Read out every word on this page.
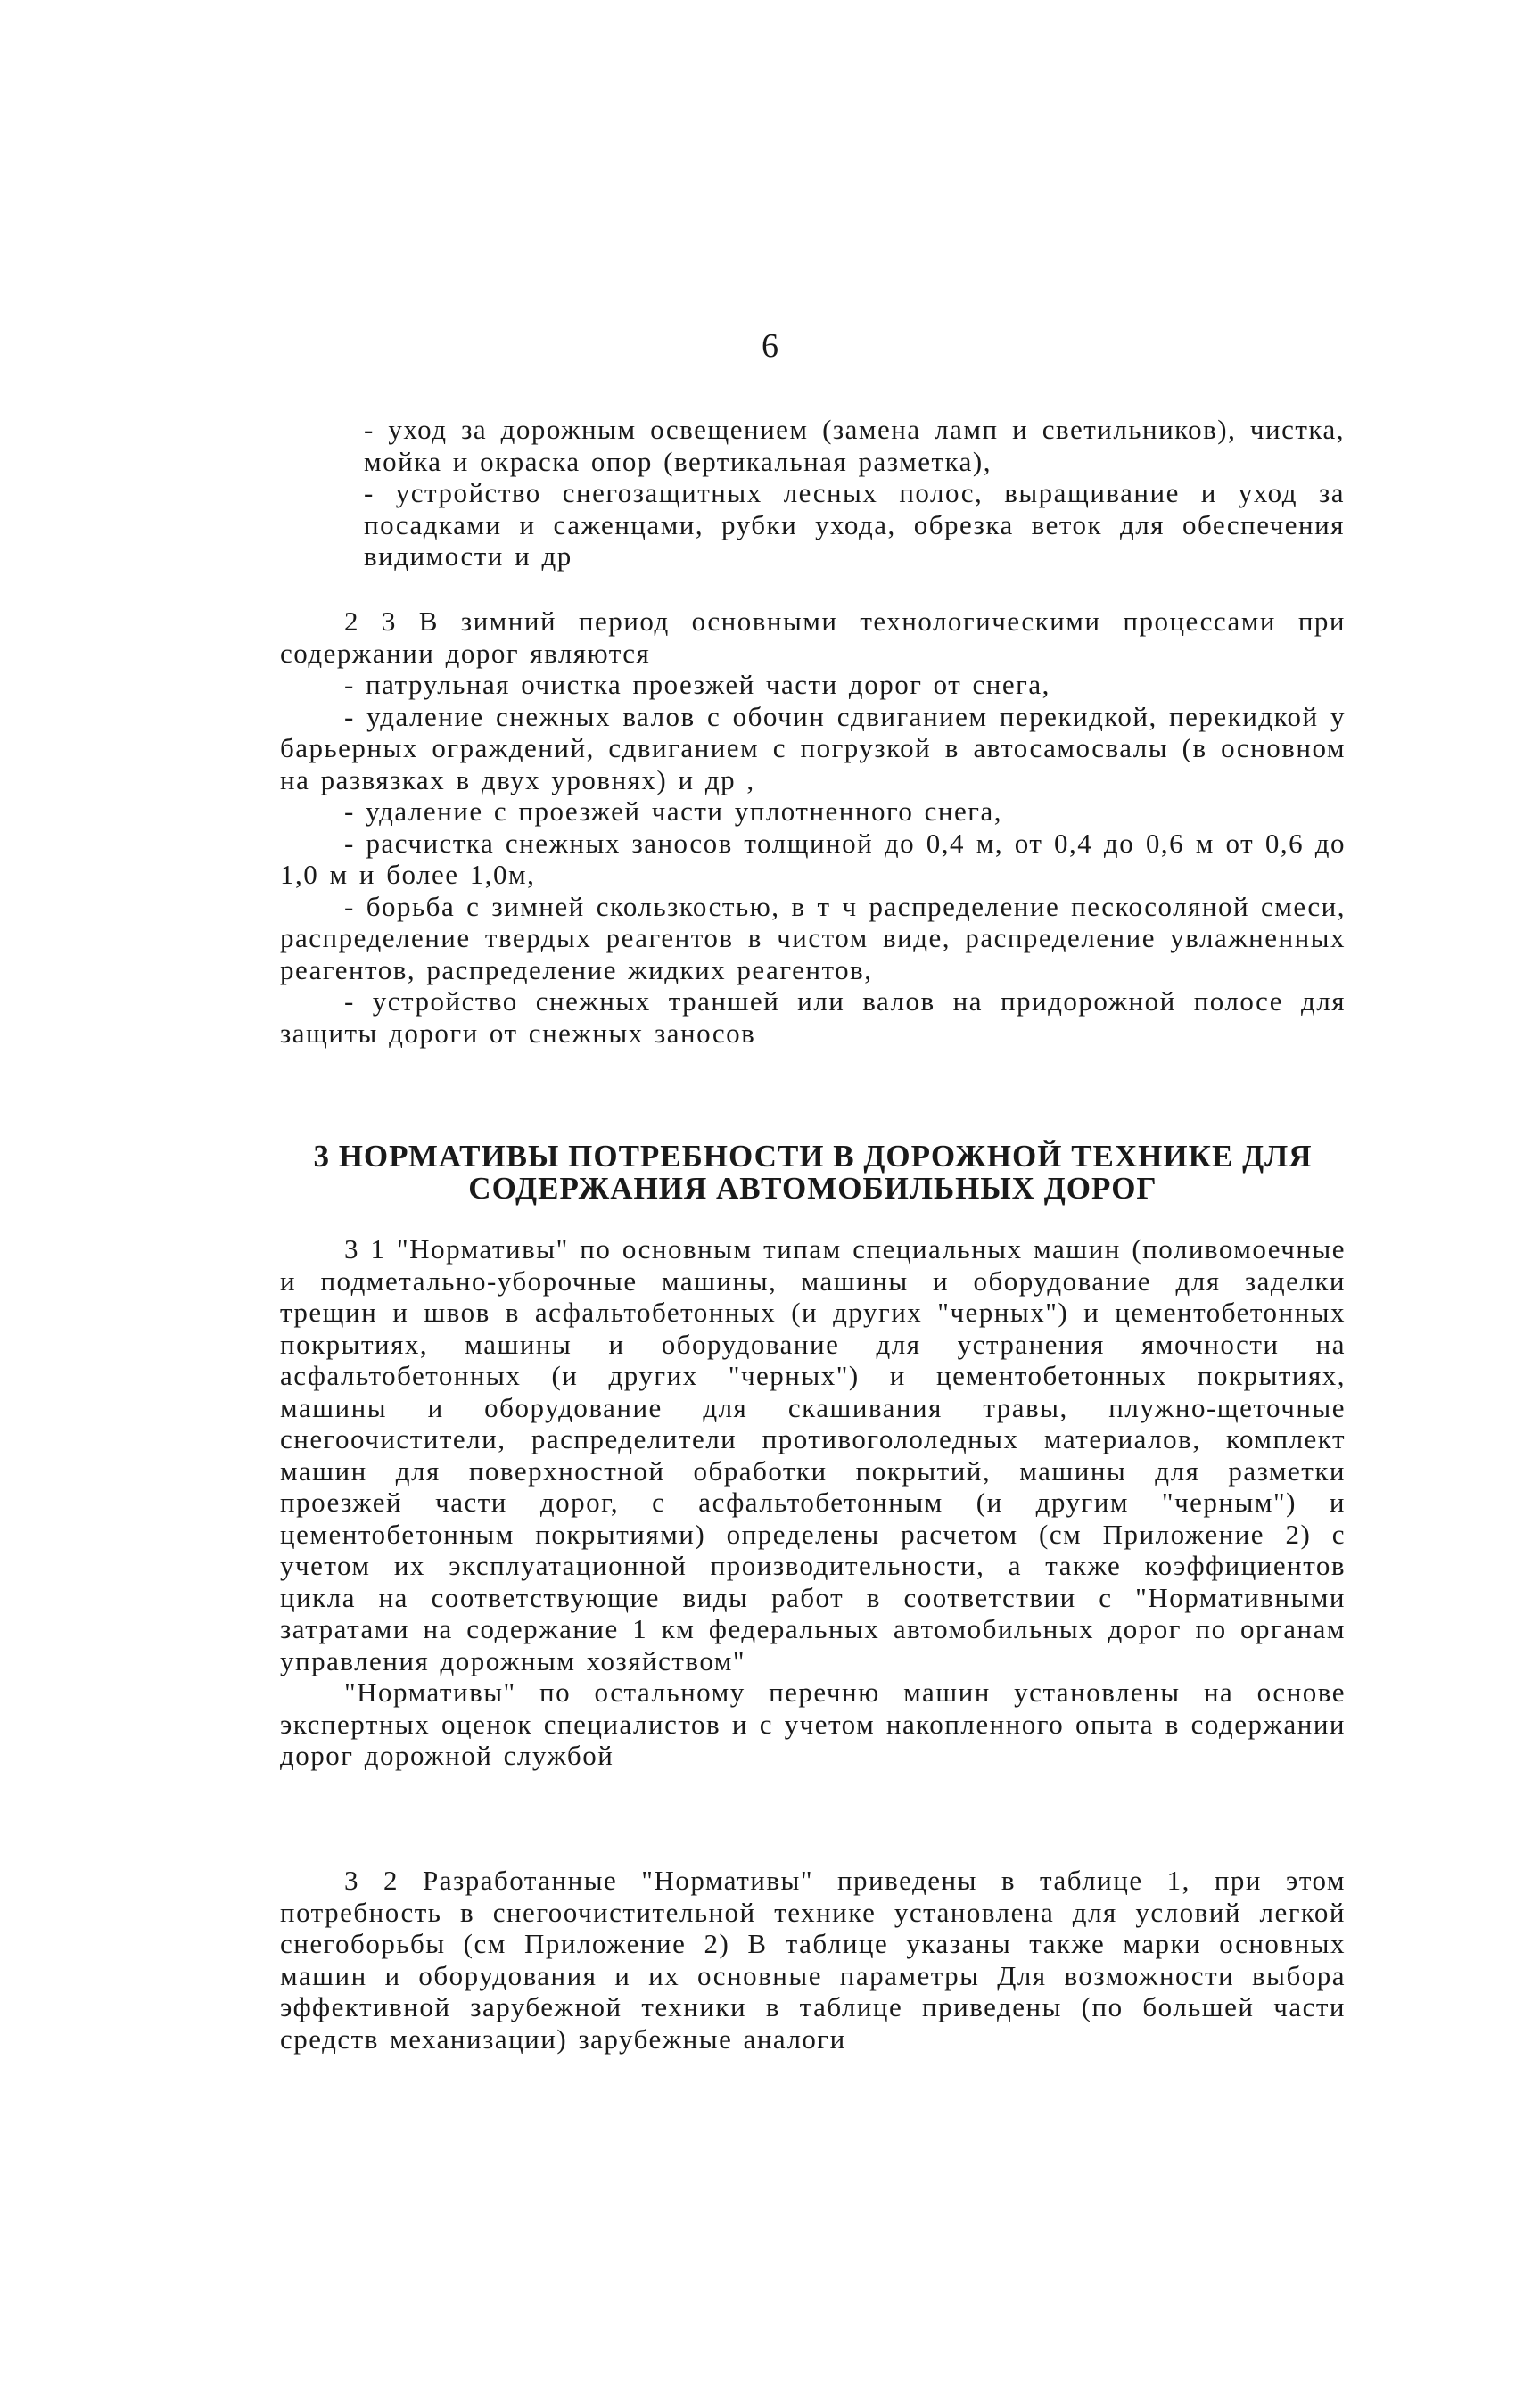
6

- уход за дорожным освещением (замена ламп и светильников), чистка, мойка и окраска опор (вертикальная разметка),

- устройство снегозащитных лесных полос, выращивание и уход за посадками и саженцами, рубки ухода, обрезка веток для обеспечения видимости и др

2 3 В зимний период основными технологическими процессами при содержании дорог являются

- патрульная очистка проезжей части дорог от снега,

- удаление снежных валов с обочин сдвиганием перекидкой, перекидкой у барьерных ограждений, сдвиганием с погрузкой в автосамосвалы (в основном на развязках в двух уровнях) и др ,

- удаление с проезжей части уплотненного снега,

- расчистка снежных заносов толщиной до 0,4 м, от 0,4 до 0,6 м от 0,6 до 1,0 м и более 1,0м,

- борьба с зимней скользкостью, в т ч распределение пескосоляной смеси, распределение твердых реагентов в чистом виде, распределение увлажненных реагентов, распределение жидких реагентов,

- устройство снежных траншей или валов на придорожной полосе для защиты дороги от снежных заносов

3 НОРМАТИВЫ ПОТРЕБНОСТИ В ДОРОЖНОЙ ТЕХНИКЕ ДЛЯ
СОДЕРЖАНИЯ АВТОМОБИЛЬНЫХ ДОРОГ

3 1 "Нормативы" по основным типам специальных машин (поливомоечные и подметально-уборочные машины, машины и оборудование для заделки трещин и швов в асфальтобетонных (и других "черных") и цементобетонных покрытиях, машины и оборудование для устранения ямочности на асфальтобетонных (и других "черных") и цементобетонных покрытиях, машины и оборудование для скашивания травы, плужно-щеточные снегоочистители, распределители противогололедных материалов, комплект машин для поверхностной обработки покрытий, машины для разметки проезжей части дорог, с асфальтобетонным (и другим "черным") и цементобетонным покрытиями) определены расчетом (см Приложение 2) с учетом их эксплуатационной производительности, а также коэффициентов цикла на соответствующие виды работ в соответствии с "Нормативными затратами на содержание 1 км федеральных автомобильных дорог по органам управления дорожным хозяйством"

"Нормативы" по остальному перечню машин установлены на основе экспертных оценок специалистов и с учетом накопленного опыта в содержании дорог дорожной службой

3 2 Разработанные "Нормативы" приведены в таблице 1, при этом потребность в снегоочистительной технике установлена для условий легкой снегоборьбы (см Приложение 2) В таблице указаны также марки основных машин и оборудования и их основные параметры Для возможности выбора эффективной зарубежной техники в таблице приведены (по большей части средств механизации) зарубежные аналоги
